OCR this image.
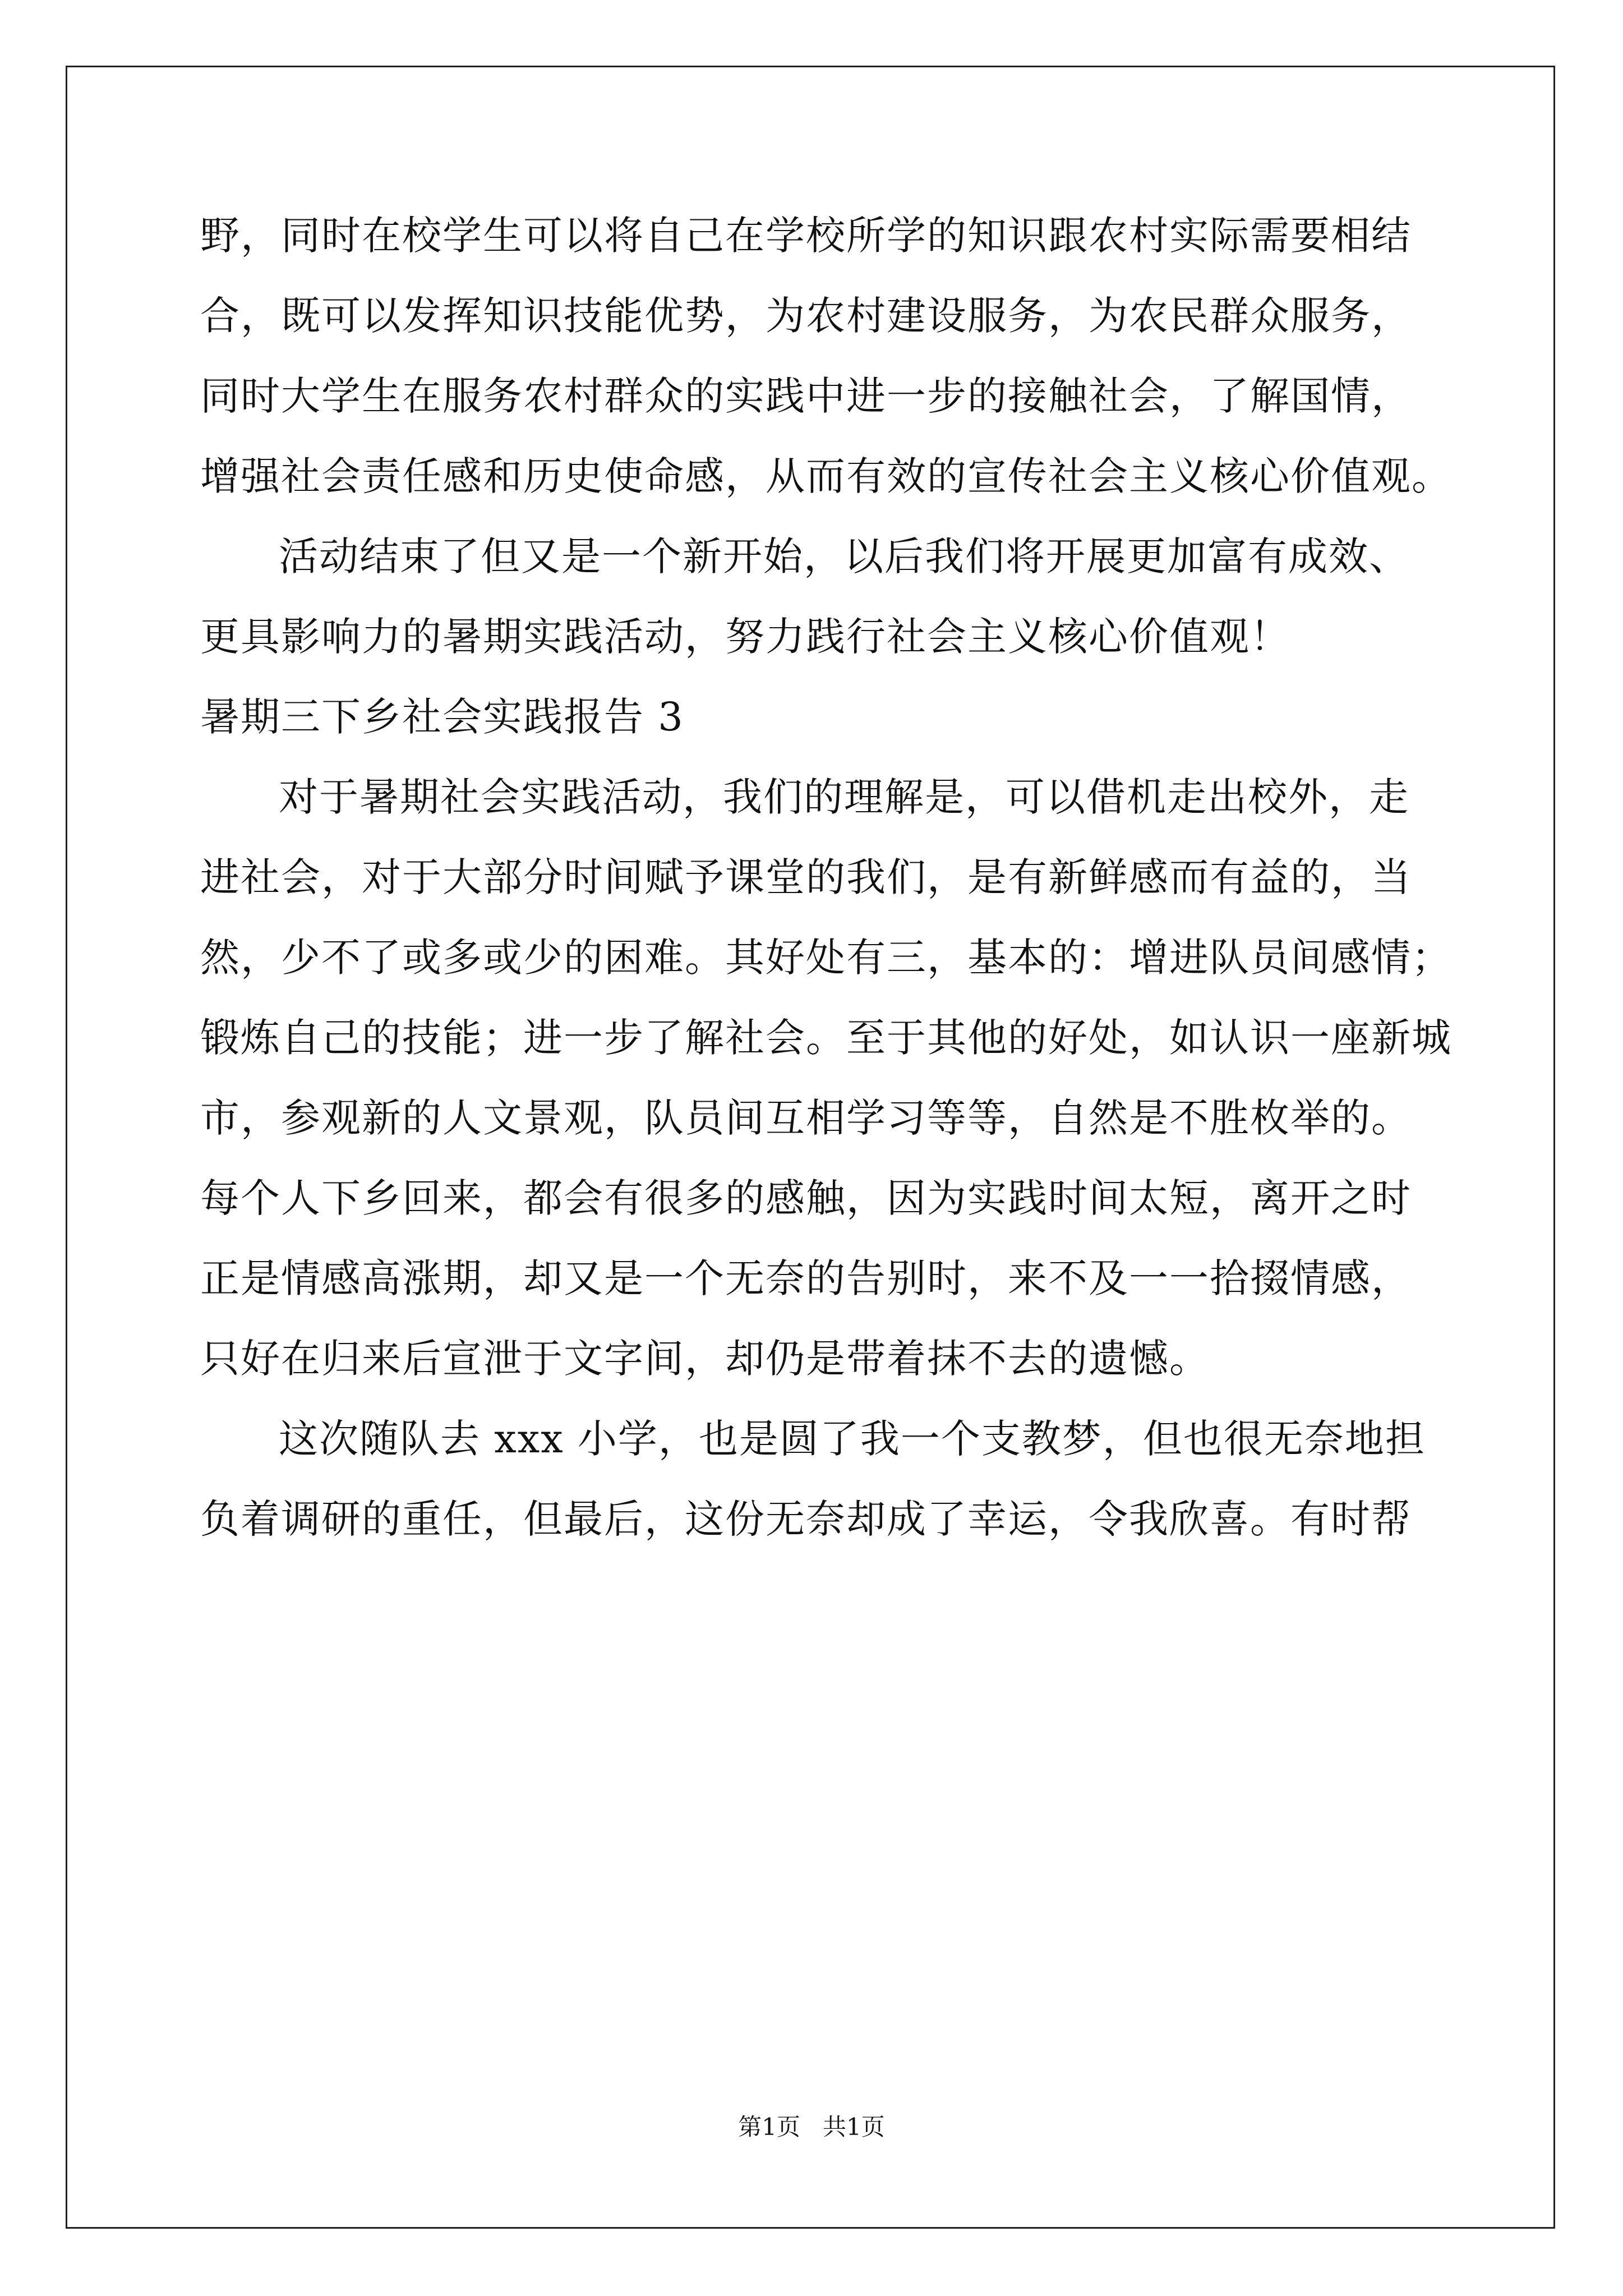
野，同时在校学生可以将自己在学校所学的知识跟农村实际需要相结
合，既可以发挥知识技能优势，为农村建设服务，为农民群众服务，
同时大学生在服务农村群众的实践中进一步的接触社会，了解国情，
增强社会责任感和历史使命感，从而有效的宣传社会主义核心价值观。
活动结束了但又是一个新开始，以后我们将开展更加富有成效、
更具影响力的暑期实践活动，努力践行社会主义核心价值观！
暑期三下乡社会实践报告 3
对于暑期社会实践活动，我们的理解是，可以借机走出校外，走
进社会，对于大部分时间赋予课堂的我们，是有新鲜感而有益的，当
然，少不了或多或少的困难。其好处有三，基本的：增进队员间感情；
锻炼自己的技能；进一步了解社会。至于其他的好处，如认识一座新城
市，参观新的人文景观，队员间互相学习等等，自然是不胜枚举的。
每个人下乡回来，都会有很多的感触，因为实践时间太短，离开之时
正是情感高涨期，却又是一个无奈的告别时，来不及一一拾掇情感，
只好在归来后宣泄于文字间，却仍是带着抹不去的遗憾。
这次随队去 xxx 小学，也是圆了我一个支教梦，但也很无奈地担
负着调研的重任，但最后，这份无奈却成了幸运，令我欣喜。有时帮
第1页   共1页
